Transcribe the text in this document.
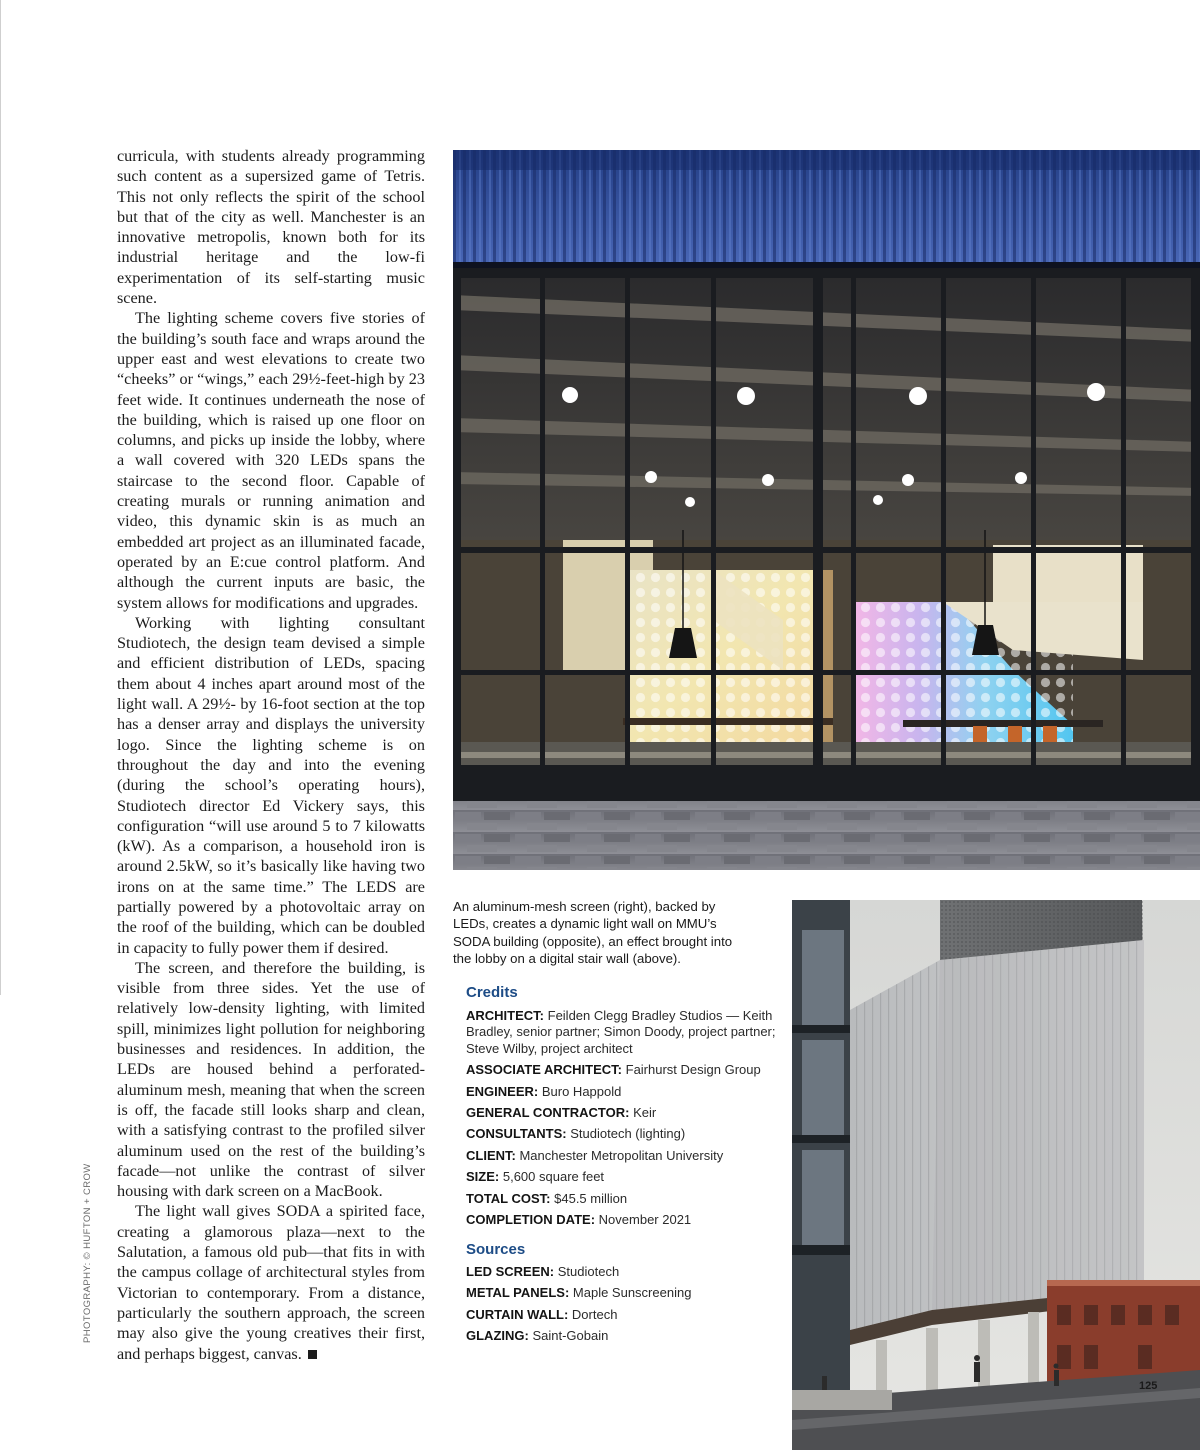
curricula, with students already programming such content as a supersized game of Tetris. This not only reflects the spirit of the school but that of the city as well. Manchester is an innovative metropolis, known both for its industrial heritage and the low-fi experimentation of its self-starting music scene.

The lighting scheme covers five stories of the building’s south face and wraps around the upper east and west elevations to create two “cheeks” or “wings,” each 29½-feet-high by 23 feet wide. It continues underneath the nose of the building, which is raised up one floor on columns, and picks up inside the lobby, where a wall covered with 320 LEDs spans the staircase to the second floor. Capable of creating murals or running animation and video, this dynamic skin is as much an embedded art project as an illuminated facade, operated by an E:cue control platform. And although the current inputs are basic, the system allows for modifications and upgrades.

Working with lighting consultant Studiotech, the design team devised a simple and efficient distribution of LEDs, spacing them about 4 inches apart around most of the light wall. A 29½- by 16-foot section at the top has a denser array and displays the university logo. Since the lighting scheme is on throughout the day and into the evening (during the school’s operating hours), Studiotech director Ed Vickery says, this configuration “will use around 5 to 7 kilowatts (kW). As a comparison, a household iron is around 2.5kW, so it’s basically like having two irons on at the same time.” The LEDS are partially powered by a photovoltaic array on the roof of the building, which can be doubled in capacity to fully power them if desired.

The screen, and therefore the building, is visible from three sides. Yet the use of relatively low-density lighting, with limited spill, minimizes light pollution for neighboring businesses and residences. In addition, the LEDs are housed behind a perforated-aluminum mesh, meaning that when the screen is off, the facade still looks sharp and clean, with a satisfying contrast to the profiled silver aluminum used on the rest of the building’s facade—not unlike the contrast of silver housing with dark screen on a MacBook.

The light wall gives SODA a spirited face, creating a glamorous plaza—next to the Salutation, a famous old pub—that fits in with the campus collage of architectural styles from Victorian to contemporary. From a distance, particularly the southern approach, the screen may also give the young creatives their first, and perhaps biggest, canvas.

PHOTOGRAPHY: © HUFTON + CROW
An aluminum-mesh screen (right), backed by LEDs, creates a dynamic light wall on MMU’s SODA building (opposite), an effect brought into the lobby on a digital stair wall (above).
Credits
ARCHITECT: Feilden Clegg Bradley Studios — Keith Bradley, senior partner; Simon Doody, project partner; Steve Wilby, project architect
ASSOCIATE ARCHITECT: Fairhurst Design Group
ENGINEER: Buro Happold
GENERAL CONTRACTOR: Keir
CONSULTANTS: Studiotech (lighting)
CLIENT: Manchester Metropolitan University
SIZE: 5,600 square feet
TOTAL COST: $45.5 million
COMPLETION DATE: November 2021
Sources
LED SCREEN: Studiotech
METAL PANELS: Maple Sunscreening
CURTAIN WALL: Dortech
GLAZING: Saint-Gobain
125
